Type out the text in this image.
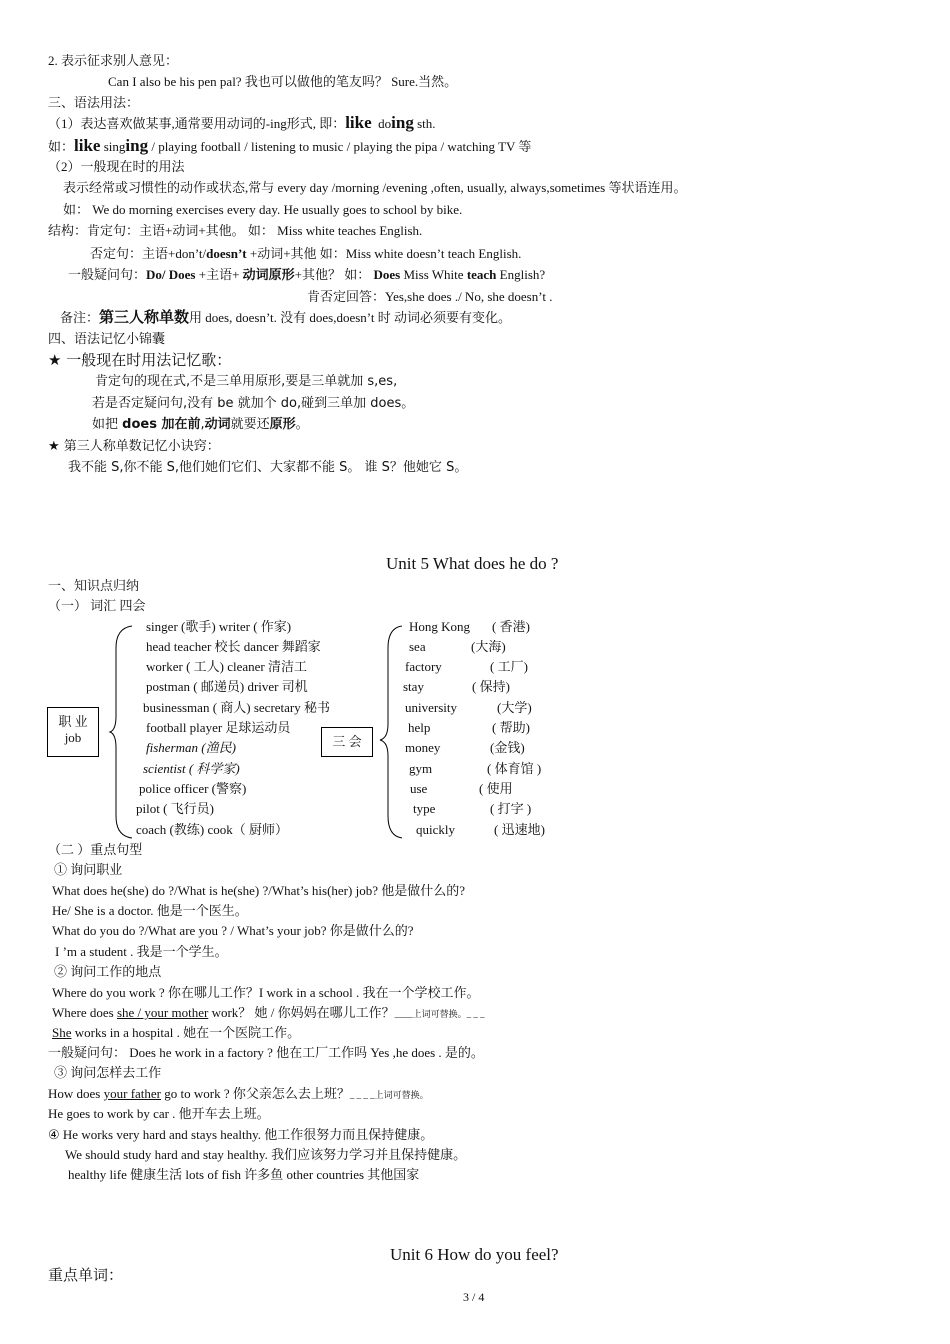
2. 表示征求别人意见：
Can I also be his pen pal? 我也可以做他的笔友吗？ Sure.当然。
三、语法用法：
（1）表达喜欢做某事,通常要用动词的-ing形式, 即：like doing sth.
如：like singing / playing football / listening to music / playing the pipa / watching TV 等
（2）一般现在时的用法
表示经常或习惯性的动作或状态,常与 every day /morning /evening ,often, usually, always,sometimes 等状语连用。
如： We do morning exercises every day. He usually goes to school by bike.
结构：肯定句：主语+动词+其他。 如： Miss white teaches English.
否定句：主语+don’t/doesn’t +动词+其他 如：Miss white doesn’t teach English.
一般疑问句：Do/ Does +主语+ 动词原形+其他？ 如： Does Miss White teach English?
肯否定回答：Yes,she does ./ No, she doesn’t .
备注：第三人称单数用 does, doesn’t. 没有 does,doesn’t 时 动词必须要有变化。
四、语法记忆小锦囊
★ 一般现在时用法记忆歌：
肯定句的现在式,不是三单用原形,要是三单就加 s,es,
若是否定疑问句,没有 be 就加个 do,碰到三单加 does。
如把 does 加在前,动词就要还原形。
★ 第三人称单数记忆小诀窍：
我不能 S,你不能 S,他们她们它们、大家都不能 S。 谁 S？他她它 S。
Unit 5 What does he do ?
一、知识点归纳
（一） 词汇 四会
职 业
job
singer (歌手) writer ( 作家)
head teacher 校长 dancer 舞蹈家
worker ( 工人) cleaner 清洁工
postman ( 邮递员) driver 司机
businessman ( 商人) secretary 秘书
football player 足球运动员
fisherman (渔民)
scientist ( 科学家)
police officer (警察)
pilot ( 飞行员)
coach (教练) cook（ 厨师）
三 会
Hong Kong
sea
factory
stay
university
help
money
gym
use
type
quickly
( 香港)
(大海)
( 工厂)
( 保持)
(大学)
( 帮助)
(金钱)
( 体育馆 )
( 使用
( 打字 )
( 迅速地)
（二 ）重点句型
① 询问职业
What does he(she) do ?/What is he(she) ?/What’s his(her) job? 他是做什么的?
He/ She is a doctor. 他是一个医生。
What do you do ?/What are you ? / What’s your job? 你是做什么的?
I ’m a student . 我是一个学生。
② 询问工作的地点
Where do you work ? 你在哪儿工作？I work in a school . 我在一个学校工作。
Where does she / your mother work？ 她 / 你妈妈在哪儿工作？____上词可替换。_ _ _
She works in a hospital . 她在一个医院工作。
一般疑问句： Does he work in a factory ? 他在工厂工作吗 Yes ,he does . 是的。
③ 询问怎样去工作
How does your father go to work ? 你父亲怎么去上班？_ _ _ _上词可替换。
He goes to work by car . 他开车去上班。
④ He works very hard and stays healthy. 他工作很努力而且保持健康。
We should study hard and stay healthy. 我们应该努力学习并且保持健康。
healthy life 健康生活 lots of fish 许多鱼 other countries 其他国家
Unit 6 How do you feel?
重点单词：
3 / 4
